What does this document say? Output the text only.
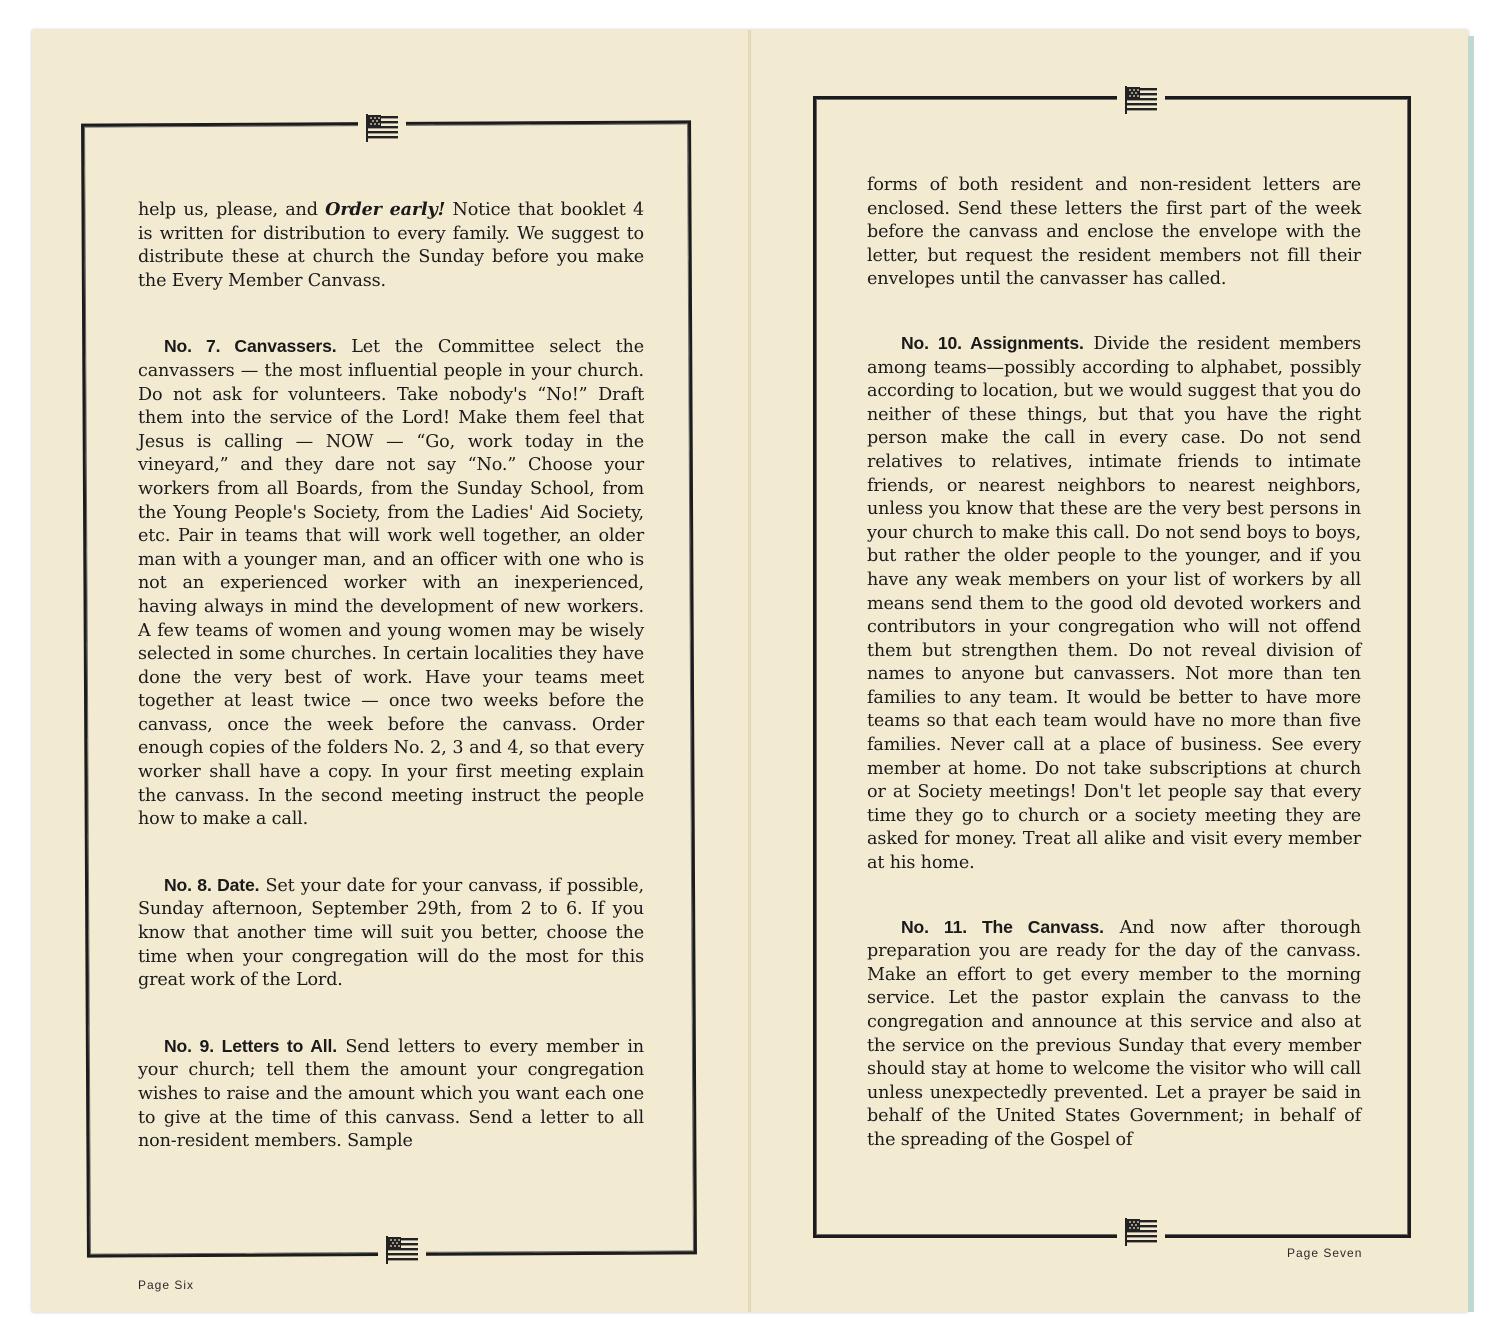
help us, please, and Order early! Notice that booklet 4 is written for distribution to every family. We suggest to distribute these at church the Sunday before you make the Every Member Canvass.

No. 7. Canvassers. Let the Committee select the canvassers — the most influential people in your church. Do not ask for volunteers. Take nobody's “No!” Draft them into the service of the Lord! Make them feel that Jesus is calling — NOW — “Go, work today in the vineyard,” and they dare not say “No.” Choose your workers from all Boards, from the Sunday School, from the Young People's Society, from the Ladies' Aid Society, etc. Pair in teams that will work well together, an older man with a younger man, and an officer with one who is not an experienced worker with an inexperienced, having always in mind the development of new workers. A few teams of women and young women may be wisely selected in some churches. In certain localities they have done the very best of work. Have your teams meet together at least twice — once two weeks before the canvass, once the week before the canvass. Order enough copies of the folders No. 2, 3 and 4, so that every worker shall have a copy. In your first meeting explain the canvass. In the second meeting instruct the people how to make a call.

No. 8. Date. Set your date for your canvass, if possible, Sunday afternoon, September 29th, from 2 to 6. If you know that another time will suit you better, choose the time when your congregation will do the most for this great work of the Lord.

No. 9. Letters to All. Send letters to every member in your church; tell them the amount your congregation wishes to raise and the amount which you want each one to give at the time of this canvass. Send a letter to all non-resident members. Sample

Page Six

forms of both resident and non-resident letters are enclosed. Send these letters the first part of the week before the canvass and enclose the envelope with the letter, but request the resident members not fill their envelopes until the canvasser has called.

No. 10. Assignments. Divide the resident members among teams—possibly according to alphabet, possibly according to location, but we would suggest that you do neither of these things, but that you have the right person make the call in every case. Do not send relatives to relatives, intimate friends to intimate friends, or nearest neighbors to nearest neighbors, unless you know that these are the very best persons in your church to make this call. Do not send boys to boys, but rather the older people to the younger, and if you have any weak members on your list of workers by all means send them to the good old devoted workers and contributors in your congregation who will not offend them but strengthen them. Do not reveal division of names to anyone but canvassers. Not more than ten families to any team. It would be better to have more teams so that each team would have no more than five families. Never call at a place of business. See every member at home. Do not take subscriptions at church or at Society meetings! Don't let people say that every time they go to church or a society meeting they are asked for money. Treat all alike and visit every member at his home.

No. 11. The Canvass. And now after thorough preparation you are ready for the day of the canvass. Make an effort to get every member to the morning service. Let the pastor explain the canvass to the congregation and announce at this service and also at the service on the previous Sunday that every member should stay at home to welcome the visitor who will call unless unexpectedly prevented. Let a prayer be said in behalf of the United States Government; in behalf of the spreading of the Gospel of

Page Seven
